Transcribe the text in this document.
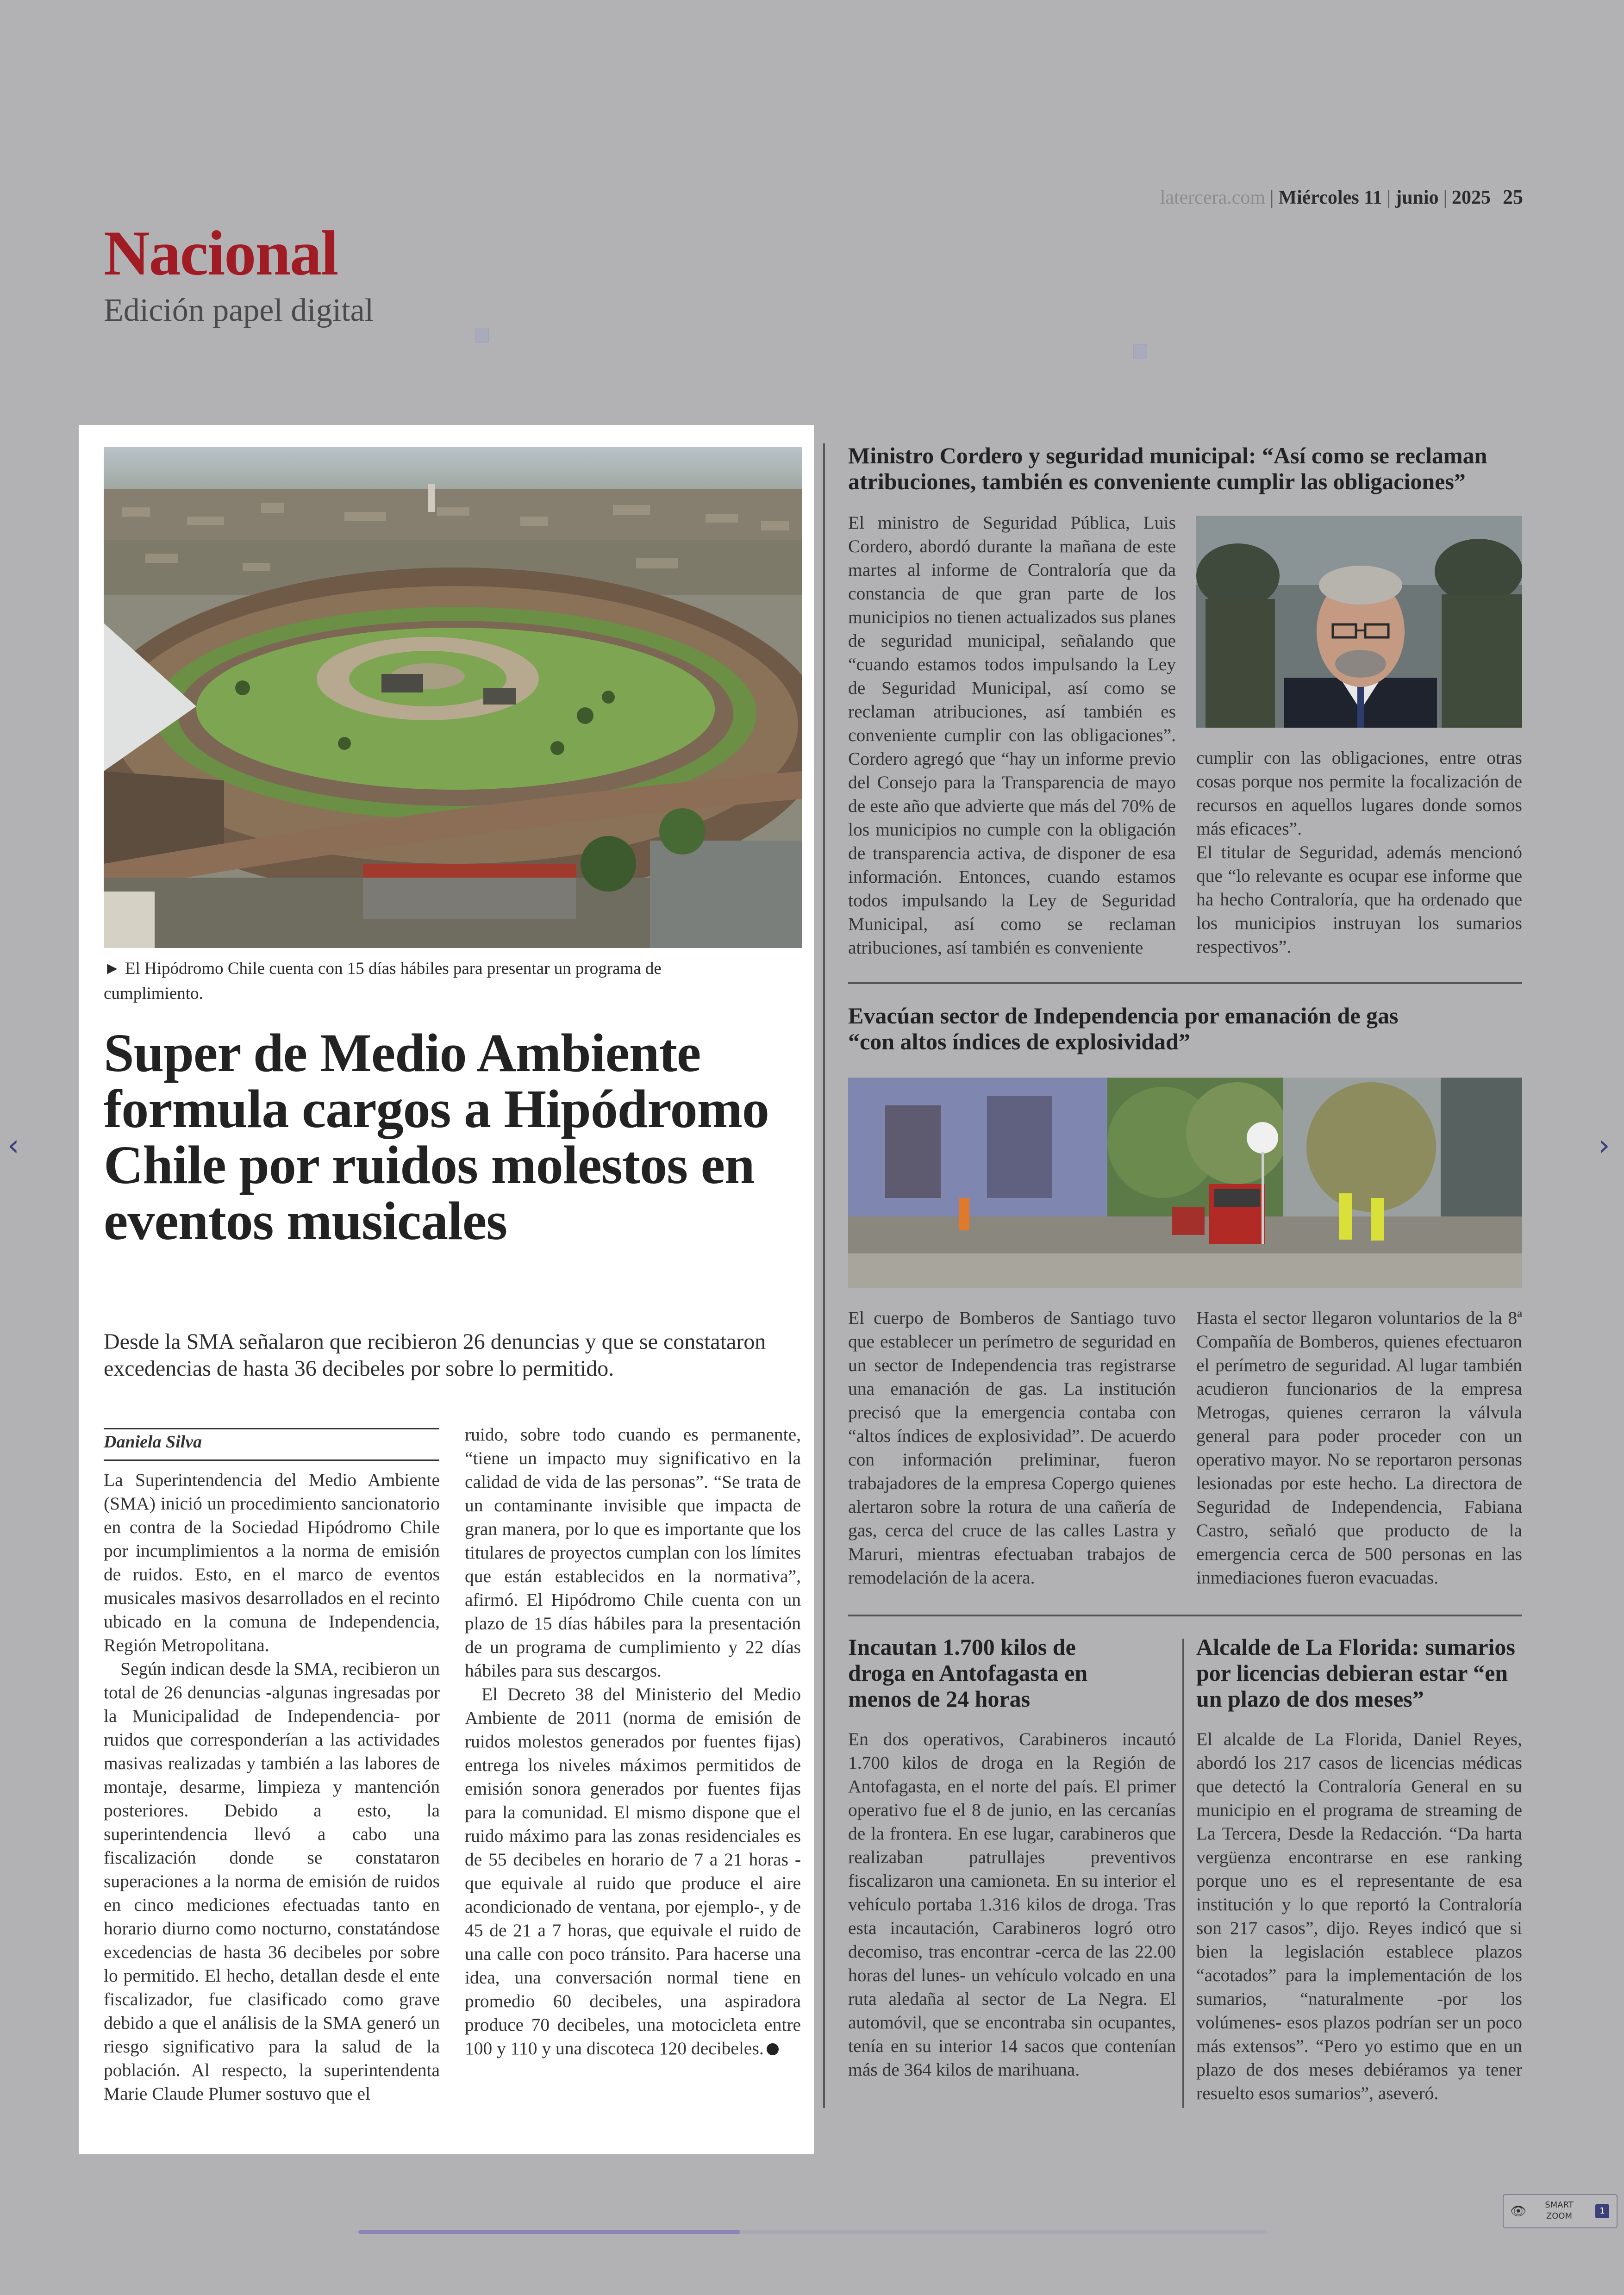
latercera.com | Miércoles 11 | junio | 2025 25
Nacional
Edición papel digital
► El Hipódromo Chile cuenta con 15 días hábiles para presentar un programa de cumplimiento.
Super de Medio Ambiente formula cargos a Hipódromo Chile por ruidos molestos en eventos musicales
Desde la SMA señalaron que recibieron 26 denuncias y que se constataron excedencias de hasta 36 decibeles por sobre lo permitido.
Daniela Silva

La Superintendencia del Medio Ambiente (SMA) inició un procedimiento sancionatorio en contra de la Sociedad Hipódromo Chile por incumplimientos a la norma de emisión de ruidos. Esto, en el marco de eventos musicales masivos desarrollados en el recinto ubicado en la comuna de Independencia, Región Metropolitana.

Según indican desde la SMA, recibieron un total de 26 denuncias -algunas ingresadas por la Municipalidad de Independencia- por ruidos que corresponderían a las actividades masivas realizadas y también a las labores de montaje, desarme, limpieza y mantención posteriores. Debido a esto, la superintendencia llevó a cabo una fiscalización donde se constataron superaciones a la norma de emisión de ruidos en cinco mediciones efectuadas tanto en horario diurno como nocturno, constatándose excedencias de hasta 36 decibeles por sobre lo permitido. El hecho, detallan desde el ente fiscalizador, fue clasificado como grave debido a que el análisis de la SMA generó un riesgo significativo para la salud de la población. Al respecto, la superintendenta Marie Claude Plumer sostuvo que el

ruido, sobre todo cuando es permanente, “tiene un impacto muy significativo en la calidad de vida de las personas”. “Se trata de un contaminante invisible que impacta de gran manera, por lo que es importante que los titulares de proyectos cumplan con los límites que están establecidos en la normativa”, afirmó. El Hipódromo Chile cuenta con un plazo de 15 días hábiles para la presentación de un programa de cumplimiento y 22 días hábiles para sus descargos.

El Decreto 38 del Ministerio del Medio Ambiente de 2011 (norma de emisión de ruidos molestos generados por fuentes fijas) entrega los niveles máximos permitidos de emisión sonora generados por fuentes fijas para la comunidad. El mismo dispone que el ruido máximo para las zonas residenciales es de 55 decibeles en horario de 7 a 21 horas -que equivale al ruido que produce el aire acondicionado de ventana, por ejemplo-, y de 45 de 21 a 7 horas, que equivale el ruido de una calle con poco tránsito. Para hacerse una idea, una conversación normal tiene en promedio 60 decibeles, una aspiradora produce 70 decibeles, una motocicleta entre 100 y 110 y una discoteca 120 decibeles.

Ministro Cordero y seguridad municipal: “Así como se reclaman atribuciones, también es conveniente cumplir las obligaciones”
El ministro de Seguridad Pública, Luis Cordero, abordó durante la mañana de este martes al informe de Contraloría que da constancia de que gran parte de los municipios no tienen actualizados sus planes de seguridad municipal, señalando que “cuando estamos todos impulsando la Ley de Seguridad Municipal, así como se reclaman atribuciones, así también es conveniente cumplir con las obligaciones”. Cordero agregó que “hay un informe previo del Consejo para la Transparencia de mayo de este año que advierte que más del 70% de los municipios no cumple con la obligación de transparencia activa, de disponer de esa información. Entonces, cuando estamos todos impulsando la Ley de Seguridad Municipal, así como se reclaman atribuciones, así también es conveniente

cumplir con las obligaciones, entre otras cosas porque nos permite la focalización de recursos en aquellos lugares donde somos más eficaces”.

El titular de Seguridad, además mencionó que “lo relevante es ocupar ese informe que ha hecho Contraloría, que ha ordenado que los municipios instruyan los sumarios respectivos”.

Evacúan sector de Independencia por emanación de gas “con altos índices de explosividad”
El cuerpo de Bomberos de Santiago tuvo que establecer un perímetro de seguridad en un sector de Independencia tras registrarse una emanación de gas. La institución precisó que la emergencia contaba con “altos índices de explosividad”. De acuerdo con información preliminar, fueron trabajadores de la empresa Copergo quienes alertaron sobre la rotura de una cañería de gas, cerca del cruce de las calles Lastra y Maruri, mientras efectuaban trabajos de remodelación de la acera.
Hasta el sector llegaron voluntarios de la 8ª Compañía de Bomberos, quienes efectuaron el perímetro de seguridad. Al lugar también acudieron funcionarios de la empresa Metrogas, quienes cerraron la válvula general para poder proceder con un operativo mayor. No se reportaron personas lesionadas por este hecho. La directora de Seguridad de Independencia, Fabiana Castro, señaló que producto de la emergencia cerca de 500 personas en las inmediaciones fueron evacuadas.
Incautan 1.700 kilos de droga en Antofagasta en menos de 24 horas
En dos operativos, Carabineros incautó 1.700 kilos de droga en la Región de Antofagasta, en el norte del país. El primer operativo fue el 8 de junio, en las cercanías de la frontera. En ese lugar, carabineros que realizaban patrullajes preventivos fiscalizaron una camioneta. En su interior el vehículo portaba 1.316 kilos de droga. Tras esta incautación, Carabineros logró otro decomiso, tras encontrar -cerca de las 22.00 horas del lunes- un vehículo volcado en una ruta aledaña al sector de La Negra. El automóvil, que se encontraba sin ocupantes, tenía en su interior 14 sacos que contenían más de 364 kilos de marihuana.
Alcalde de La Florida: sumarios por licencias debieran estar “en un plazo de dos meses”
El alcalde de La Florida, Daniel Reyes, abordó los 217 casos de licencias médicas que detectó la Contraloría General en su municipio en el programa de streaming de La Tercera, Desde la Redacción. “Da harta vergüenza encontrarse en ese ranking porque uno es el representante de esa institución y lo que reportó la Contraloría son 217 casos”, dijo. Reyes indicó que si bien la legislación establece plazos “acotados” para la implementación de los sumarios, “naturalmente -por los volúmenes- esos plazos podrían ser un poco más extensos”. “Pero yo estimo que en un plazo de dos meses debiéramos ya tener resuelto esos sumarios”, aseveró.
‹	›
👁	SMART
ZOOM
1
